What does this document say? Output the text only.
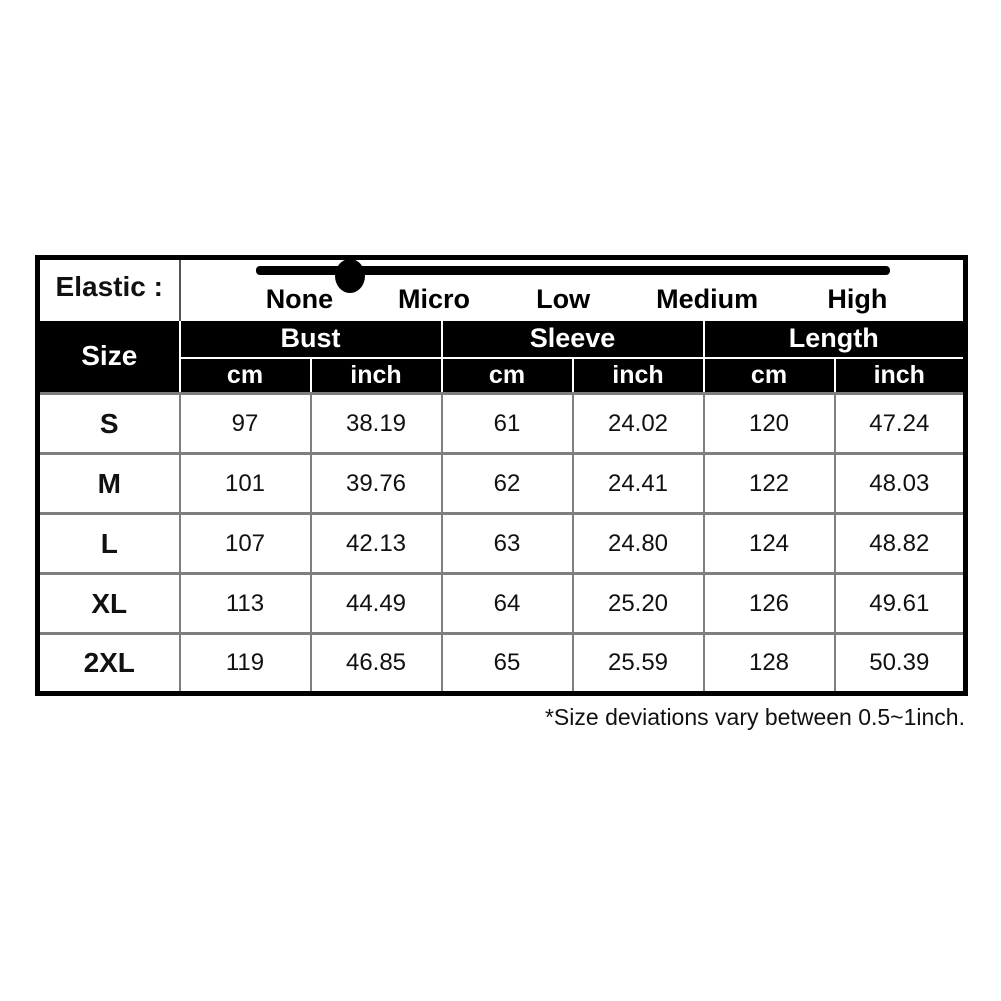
Elastic :	None Micro Low Medium High					

Size	Bust		Sleeve		Length	
	cm	inch	cm	inch	cm	inch
S	97	38.19	61	24.02	120	47.24
M	101	39.76	62	24.41	122	48.03
L	107	42.13	63	24.80	124	48.82
XL	113	44.49	64	25.20	126	49.61
2XL	119	46.85	65	25.59	128	50.39
*Size deviations vary between 0.5~1inch.
